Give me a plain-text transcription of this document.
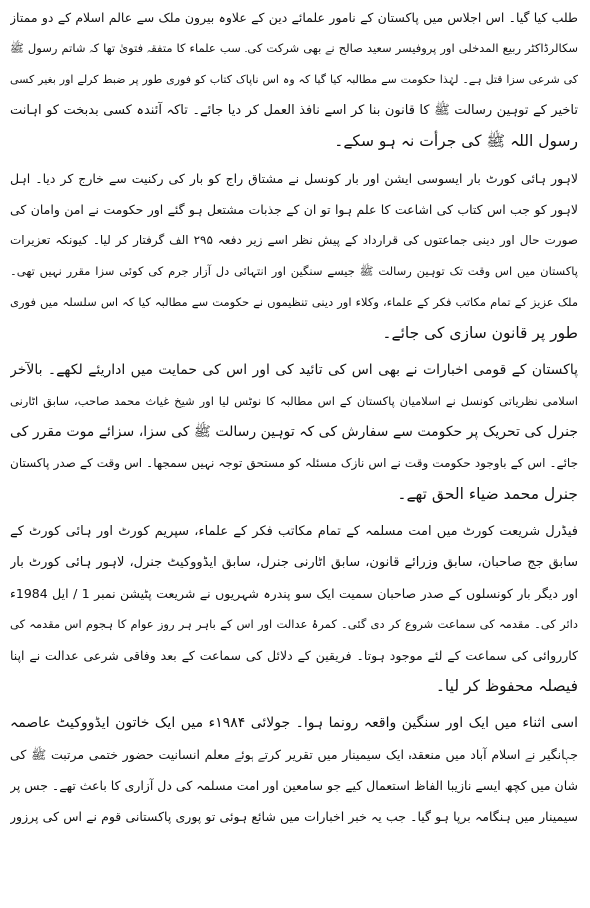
طلب کیا گیا۔ اس اجلاس میں پاکستان کے نامور علمائے دین کے علاوہ بیرون ملک سے عالم اسلام کے دو ممتاز
سکالرڈاکٹر ربیع المدخلی اور پروفیسر سعید صالح نے بھی شرکت کی۔ سب علماء کا متفقہ فتویٰ تھا کہ شاتم رسول ﷺ
کی شرعی سزا قتل ہے۔ لہٰذا حکومت سے مطالبہ کیا گیا کہ وہ اس ناپاک کتاب کو فوری طور پر ضبط کرلے اور بغیر کسی
تاخیر کے توہین رسالت ﷺ کا قانون بنا کر اسے نافذ العمل کر دیا جائے۔ تاکہ آئندہ کسی بدبخت کو اہانت
رسول اللہ ﷺ کی جرأت نہ ہو سکے۔
لاہور ہائی کورٹ بار ایسوسی ایشن اور بار کونسل نے مشتاق راج کو بار کی رکنیت سے خارج کر دیا۔ اہل
لاہور کو جب اس کتاب کی اشاعت کا علم ہوا تو ان کے جذبات مشتعل ہو گئے اور حکومت نے امن وامان کی
صورت حال اور دینی جماعتوں کی قرارداد کے پیش نظر اسے زیر دفعہ ۲۹۵ الف گرفتار کر لیا۔ کیونکہ تعزیرات
پاکستان میں اس وقت تک توہین رسالت ﷺ جیسے سنگین اور انتہائی دل آزار جرم کی کوئی سزا مقرر نہیں تھی۔
ملک عزیز کے تمام مکاتب فکر کے علماء، وکلاء اور دینی تنظیموں نے حکومت سے مطالبہ کیا کہ اس سلسلہ میں فوری
طور پر قانون سازی کی جائے۔
پاکستان کے قومی اخبارات نے بھی اس کی تائید کی اور اس کی حمایت میں اداریئے لکھے۔ بالآخر
اسلامی نظریاتی کونسل نے اسلامیان پاکستان کے اس مطالبہ کا نوٹس لیا اور شیخ غیاث محمد صاحب، سابق اٹارنی
جنرل کی تحریک پر حکومت سے سفارش کی کہ توہین رسالت ﷺ کی سزا، سزائے موت مقرر کی
جائے۔ اس کے باوجود حکومت وقت نے اس نازک مسئلہ کو مستحق توجہ نہیں سمجھا۔ اس وقت کے صدر پاکستان
جنرل محمد ضیاء الحق تھے۔
فیڈرل شریعت کورٹ میں امت مسلمہ کے تمام مکاتب فکر کے علماء، سپریم کورٹ اور ہائی کورٹ کے
سابق جج صاحبان، سابق وزرائے قانون، سابق اٹارنی جنرل، سابق ایڈووکیٹ جنرل، لاہور ہائی کورٹ بار
اور دیگر بار کونسلوں کے صدر صاحبان سمیت ایک سو پندرہ شہریوں نے شریعت پٹیشن نمبر 1 / ایل 1984ء
دائر کی۔ مقدمہ کی سماعت شروع کر دی گئی۔ کمرۂ عدالت اور اس کے باہر ہر روز عوام کا ہجوم اس مقدمہ کی
کارروائی کی سماعت کے لئے موجود ہوتا۔ فریقین کے دلائل کی سماعت کے بعد وفاقی شرعی عدالت نے اپنا
فیصلہ محفوظ کر لیا۔
اسی اثناء میں ایک اور سنگین واقعہ رونما ہوا۔ جولائی ۱۹۸۴ء میں ایک خاتون ایڈووکیٹ عاصمہ
جہانگیر نے اسلام آباد میں منعقدہ ایک سیمینار میں تقریر کرتے ہوئے معلم انسانیت حضور ختمی مرتبت ﷺ کی
شان میں کچھ ایسے نازیبا الفاظ استعمال کیے جو سامعین اور امت مسلمہ کی دل آزاری کا باعث تھے۔ جس پر
سیمینار میں ہنگامہ برپا ہو گیا۔ جب یہ خبر اخبارات میں شائع ہوئی تو پوری پاکستانی قوم نے اس کی پرزور
